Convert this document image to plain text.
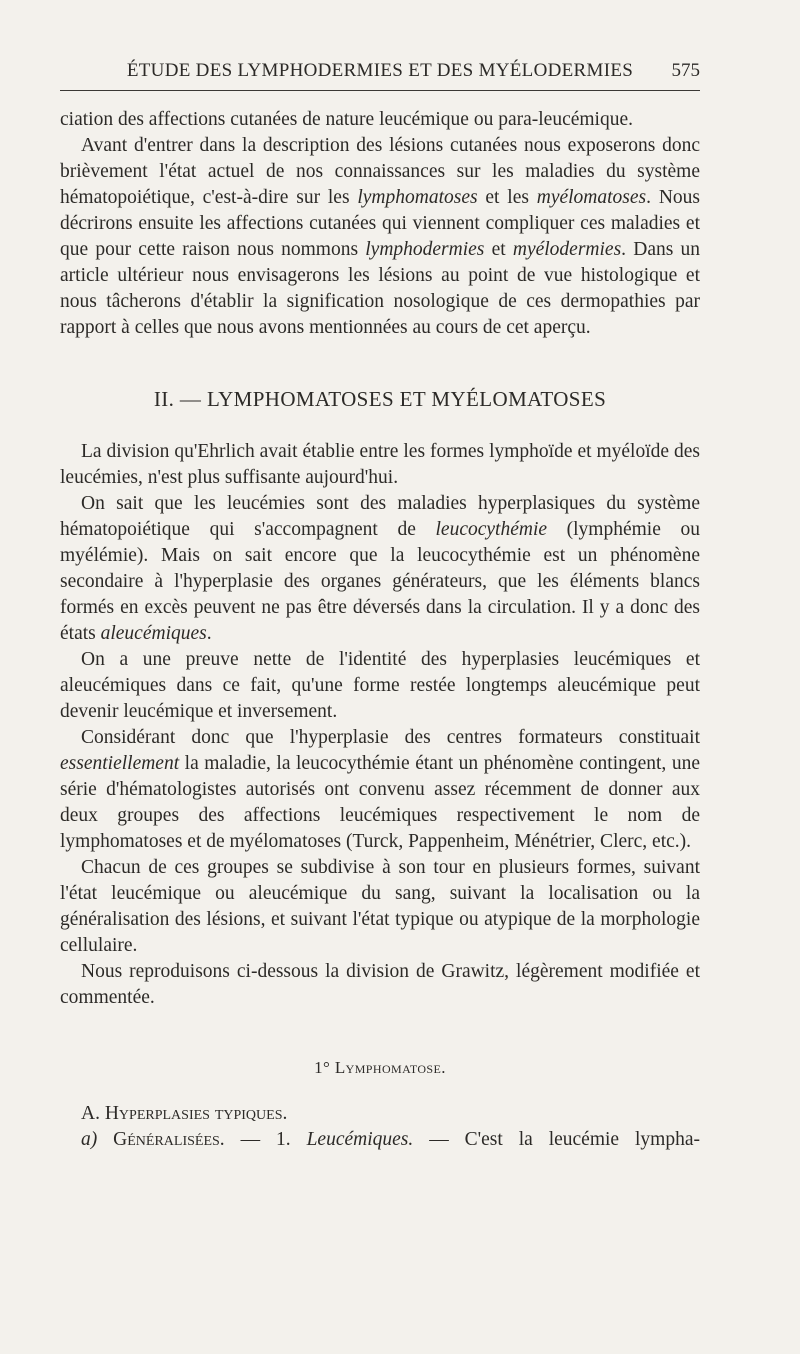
ÉTUDE DES LYMPHODERMIES ET DES MYÉLODERMIES	575

ciation des affections cutanées de nature leucémique ou para-leucémique.

Avant d'entrer dans la description des lésions cutanées nous exposerons donc brièvement l'état actuel de nos connaissances sur les maladies du système hématopoiétique, c'est-à-dire sur les lymphomatoses et les myélomatoses. Nous décrirons ensuite les affections cutanées qui viennent compliquer ces maladies et que pour cette raison nous nommons lymphodermies et myélodermies. Dans un article ultérieur nous envisagerons les lésions au point de vue histologique et nous tâcherons d'établir la signification nosologique de ces dermopathies par rapport à celles que nous avons mentionnées au cours de cet aperçu.

II. — LYMPHOMATOSES ET MYÉLOMATOSES

La division qu'Ehrlich avait établie entre les formes lymphoïde et myéloïde des leucémies, n'est plus suffisante aujourd'hui.

On sait que les leucémies sont des maladies hyperplasiques du système hématopoiétique qui s'accompagnent de leucocythémie (lymphémie ou myélémie). Mais on sait encore que la leucocythémie est un phénomène secondaire à l'hyperplasie des organes générateurs, que les éléments blancs formés en excès peuvent ne pas être déversés dans la circulation. Il y a donc des états aleucémiques.

On a une preuve nette de l'identité des hyperplasies leucémiques et aleucémiques dans ce fait, qu'une forme restée longtemps aleucémique peut devenir leucémique et inversement.

Considérant donc que l'hyperplasie des centres formateurs constituait essentiellement la maladie, la leucocythémie étant un phénomène contingent, une série d'hématologistes autorisés ont convenu assez récemment de donner aux deux groupes des affections leucémiques respectivement le nom de lymphomatoses et de myélomatoses (Turck, Pappenheim, Ménétrier, Clerc, etc.).

Chacun de ces groupes se subdivise à son tour en plusieurs formes, suivant l'état leucémique ou aleucémique du sang, suivant la localisation ou la généralisation des lésions, et suivant l'état typique ou atypique de la morphologie cellulaire.

Nous reproduisons ci-dessous la division de Grawitz, légèrement modifiée et commentée.

1° Lymphomatose.

A. Hyperplasies typiques.

a) Généralisées. — 1. Leucémiques. — C'est la leucémie lympha-
